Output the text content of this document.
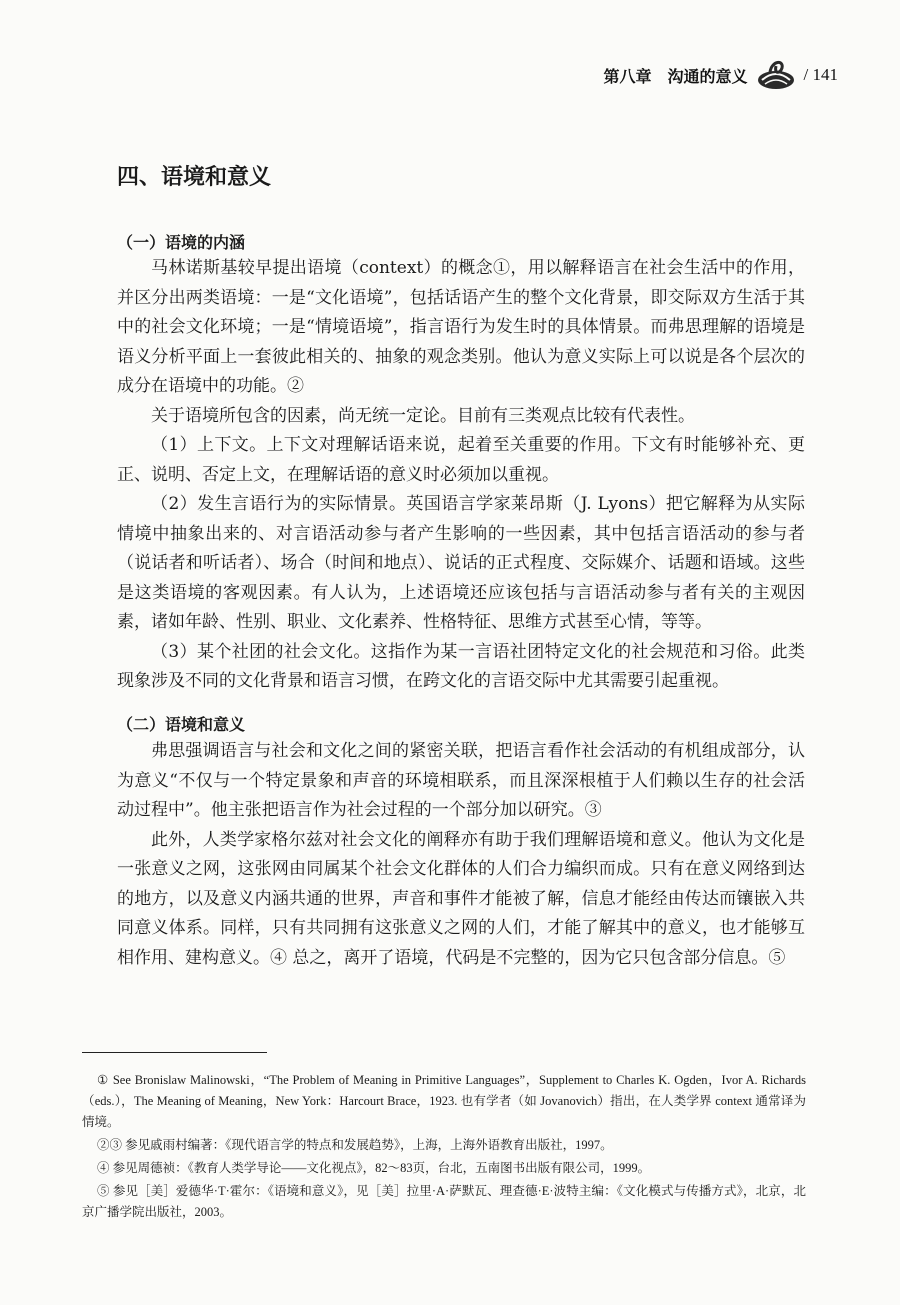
第八章　沟通的意义	/ 141
四、语境和意义
（一）语境的内涵

马林诺斯基较早提出语境（context）的概念①，用以解释语言在社会生活中的作用，并区分出两类语境：一是“文化语境”，包括话语产生的整个文化背景，即交际双方生活于其中的社会文化环境；一是“情境语境”，指言语行为发生时的具体情景。而弗思理解的语境是语义分析平面上一套彼此相关的、抽象的观念类别。他认为意义实际上可以说是各个层次的成分在语境中的功能。②

关于语境所包含的因素，尚无统一定论。目前有三类观点比较有代表性。

（1）上下文。上下文对理解话语来说，起着至关重要的作用。下文有时能够补充、更正、说明、否定上文，在理解话语的意义时必须加以重视。

（2）发生言语行为的实际情景。英国语言学家莱昂斯（J. Lyons）把它解释为从实际情境中抽象出来的、对言语活动参与者产生影响的一些因素，其中包括言语活动的参与者（说话者和听话者）、场合（时间和地点）、说话的正式程度、交际媒介、话题和语域。这些是这类语境的客观因素。有人认为，上述语境还应该包括与言语活动参与者有关的主观因素，诸如年龄、性别、职业、文化素养、性格特征、思维方式甚至心情，等等。

（3）某个社团的社会文化。这指作为某一言语社团特定文化的社会规范和习俗。此类现象涉及不同的文化背景和语言习惯，在跨文化的言语交际中尤其需要引起重视。

（二）语境和意义

弗思强调语言与社会和文化之间的紧密关联，把语言看作社会活动的有机组成部分，认为意义“不仅与一个特定景象和声音的环境相联系，而且深深根植于人们赖以生存的社会活动过程中”。他主张把语言作为社会过程的一个部分加以研究。③

此外，人类学家格尔兹对社会文化的阐释亦有助于我们理解语境和意义。他认为文化是一张意义之网，这张网由同属某个社会文化群体的人们合力编织而成。只有在意义网络到达的地方，以及意义内涵共通的世界，声音和事件才能被了解，信息才能经由传达而镶嵌入共同意义体系。同样，只有共同拥有这张意义之网的人们，才能了解其中的意义，也才能够互相作用、建构意义。④ 总之，离开了语境，代码是不完整的，因为它只包含部分信息。⑤

① See Bronislaw Malinowski，“The Problem of Meaning in Primitive Languages”，Supplement to Charles K. Ogden，Ivor A. Richards（eds.），The Meaning of Meaning，New York：Harcourt Brace，1923. 也有学者（如 Jovanovich）指出，在人类学界 context 通常译为情境。

②③ 参见戚雨村编著：《现代语言学的特点和发展趋势》，上海，上海外语教育出版社，1997。

④ 参见周德祯：《教育人类学导论——文化视点》，82～83页，台北，五南图书出版有限公司，1999。

⑤ 参见［美］爱德华·T·霍尔：《语境和意义》，见［美］拉里·A·萨默瓦、理查德·E·波特主编：《文化模式与传播方式》，北京，北京广播学院出版社，2003。
